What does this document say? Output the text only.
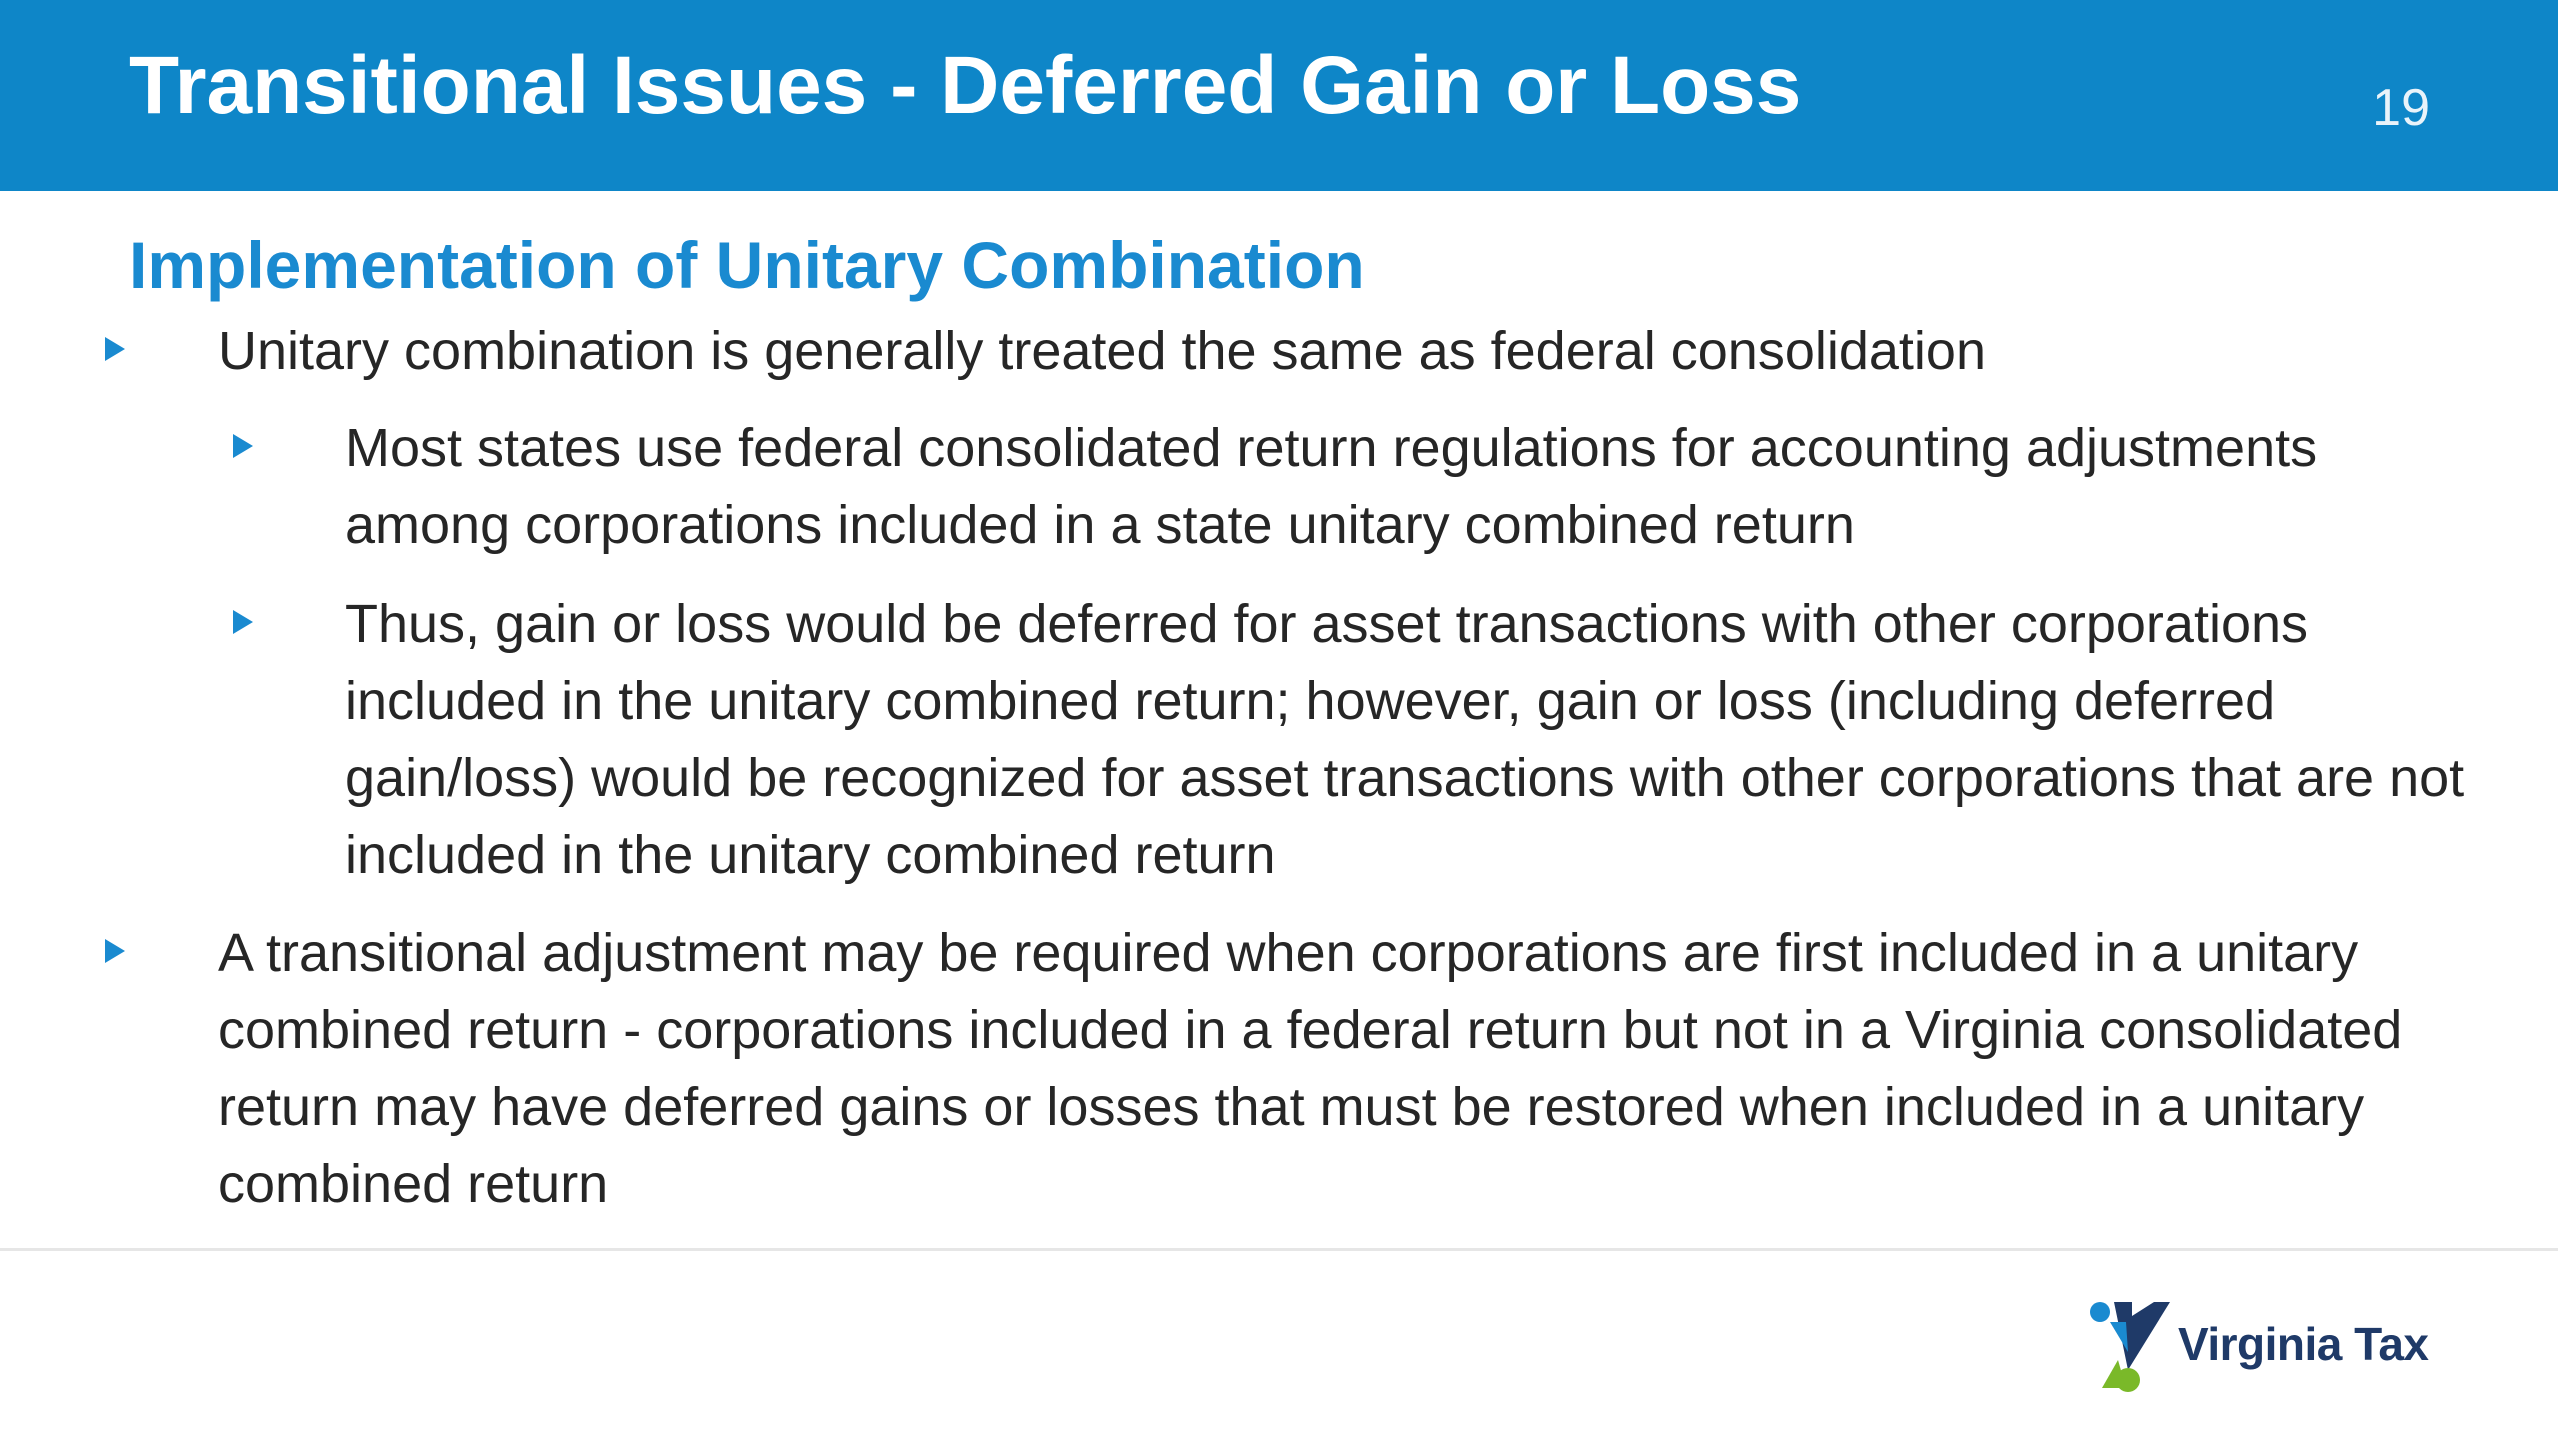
Transitional Issues - Deferred Gain or Loss	19
Implementation of Unitary Combination
Unitary combination is generally treated the same as federal consolidation
Most states use federal consolidated return regulations for accounting adjustments among corporations included in a state unitary combined return
Thus, gain or loss would be deferred for asset transactions with other corporations included in the unitary combined return; however, gain or loss (including deferred gain/loss) would be recognized for asset transactions with other corporations that are not included in the unitary combined return
A transitional adjustment may be required when corporations are first included in a unitary combined return - corporations included in a federal return but not in a Virginia consolidated return may have deferred gains or losses that must be restored when included in a unitary combined return
Virginia Tax
